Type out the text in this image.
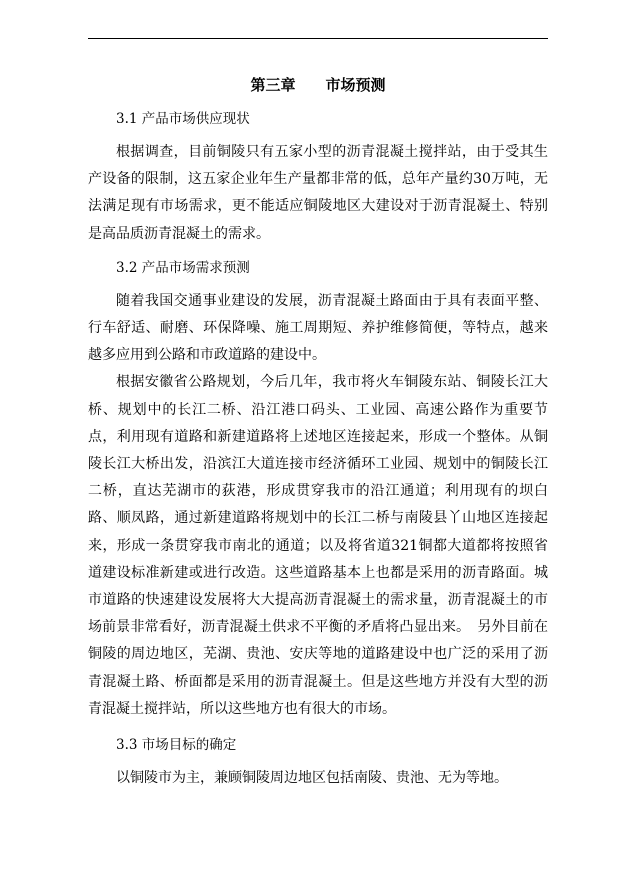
第三章　　市场预测

3.1 产品市场供应现状

根据调查，目前铜陵只有五家小型的沥青混凝土搅拌站，由于受其生产设备的限制，这五家企业年生产量都非常的低，总年产量约30万吨，无法满足现有市场需求，更不能适应铜陵地区大建设对于沥青混凝土、特别是高品质沥青混凝土的需求。

3.2 产品市场需求预测

随着我国交通事业建设的发展，沥青混凝土路面由于具有表面平整、行车舒适、耐磨、环保降噪、施工周期短、养护维修简便，等特点，越来越多应用到公路和市政道路的建设中。

根据安徽省公路规划，今后几年，我市将火车铜陵东站、铜陵长江大桥、规划中的长江二桥、沿江港口码头、工业园、高速公路作为重要节点，利用现有道路和新建道路将上述地区连接起来，形成一个整体。从铜陵长江大桥出发，沿滨江大道连接市经济循环工业园、规划中的铜陵长江二桥，直达芜湖市的荻港，形成贯穿我市的沿江通道；利用现有的坝白路、顺凤路，通过新建道路将规划中的长江二桥与南陵县丫山地区连接起来，形成一条贯穿我市南北的通道；以及将省道321铜都大道都将按照省道建设标准新建或进行改造。这些道路基本上也都是采用的沥青路面。城市道路的快速建设发展将大大提高沥青混凝土的需求量，沥青混凝土的市场前景非常看好，沥青混凝土供求不平衡的矛盾将凸显出来。　另外目前在铜陵的周边地区，芜湖、贵池、安庆等地的道路建设中也广泛的采用了沥青混凝土路、桥面都是采用的沥青混凝土。但是这些地方并没有大型的沥青混凝土搅拌站，所以这些地方也有很大的市场。

3.3 市场目标的确定

以铜陵市为主，兼顾铜陵周边地区包括南陵、贵池、无为等地。
